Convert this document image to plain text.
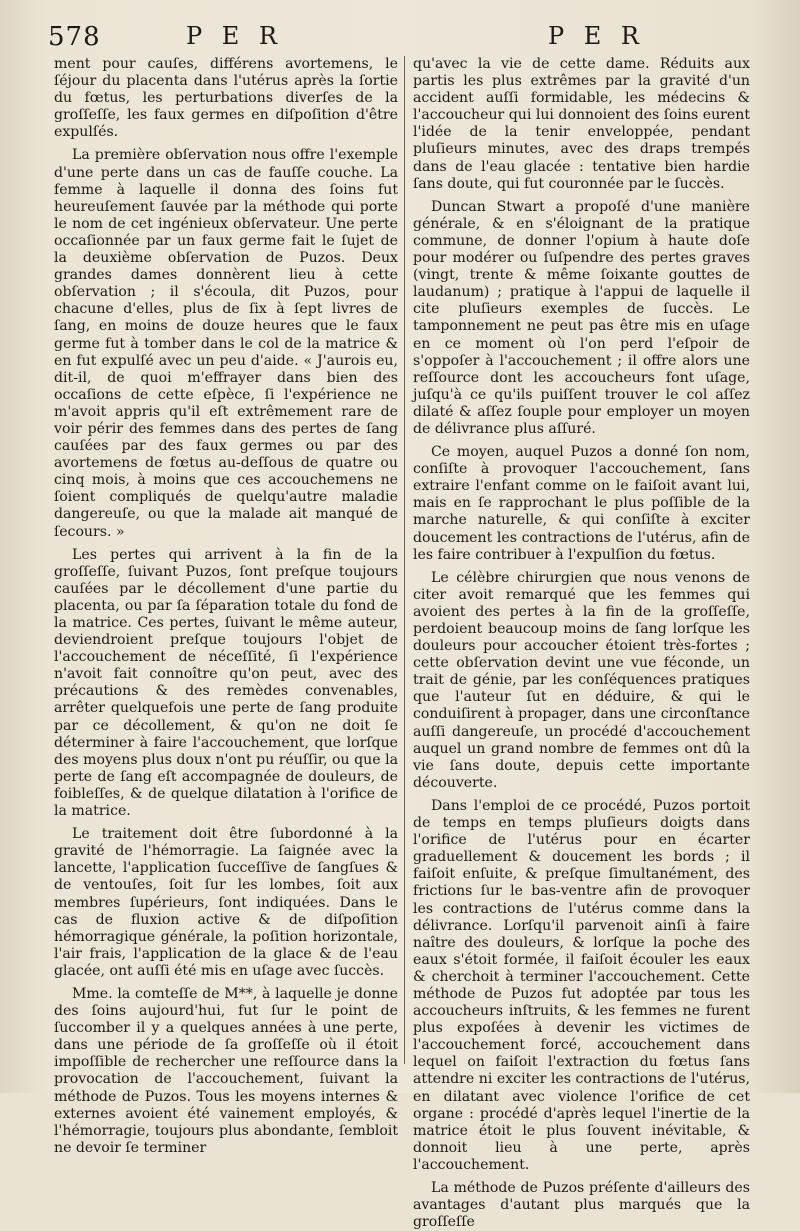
578	P E R	P E R

ment pour cauſes, différens avortemens, le ſéjour du placenta dans l'utérus après la ſortie du fœtus, les perturbations diverſes de la groſſeſſe, les faux germes en diſpoſition d'être expulſés.

La première obſervation nous offre l'exemple d'une perte dans un cas de fauſſe couche. La femme à laquelle il donna des ſoins fut heureuſement ſauvée par la méthode qui porte le nom de cet ingénieux obſervateur. Une perte occaſionnée par un faux germe fait le ſujet de la deuxième obſervation de Puzos. Deux grandes dames donnèrent lieu à cette obſervation ; il s'écoula, dit Puzos, pour chacune d'elles, plus de ſix à ſept livres de ſang, en moins de douze heures que le faux germe fut à tomber dans le col de la matrice & en fut expulſé avec un peu d'aide. « J'aurois eu, dit-il, de quoi m'effrayer dans bien des occaſions de cette eſpèce, ſi l'expérience ne m'avoit appris qu'il eſt extrêmement rare de voir périr des femmes dans des pertes de ſang cauſées par des faux germes ou par des avortemens de fœtus au-deſſous de quatre ou cinq mois, à moins que ces accouchemens ne ſoient compliqués de quelqu'autre maladie dangereuſe, ou que la malade ait manqué de ſecours. »

Les pertes qui arrivent à la fin de la groſſeſſe, ſuivant Puzos, ſont preſque toujours cauſées par le décollement d'une partie du placenta, ou par ſa ſéparation totale du fond de la matrice. Ces pertes, ſuivant le même auteur, deviendroient preſque toujours l'objet de l'accouchement de néceſſité, ſi l'expérience n'avoit fait connoître qu'on peut, avec des précautions & des remèdes convenables, arrêter quelquefois une perte de ſang produite par ce décollement, & qu'on ne doit ſe déterminer à faire l'accouchement, que lorſque des moyens plus doux n'ont pu réuſſir, ou que la perte de ſang eſt accompagnée de douleurs, de foibleſſes, & de quelque dilatation à l'orifice de la matrice.

Le traitement doit être ſubordonné à la gravité de l'hémorragie. La ſaignée avec la lancette, l'application ſucceſſive de ſangſues & de ventouſes, ſoit ſur les lombes, ſoit aux membres ſupérieurs, ſont indiquées. Dans le cas de fluxion active & de diſpoſition hémorragique générale, la poſition horizontale, l'air frais, l'application de la glace & de l'eau glacée, ont auſſi été mis en uſage avec ſuccès.

Mme. la comteſſe de M**, à laquelle je donne des ſoins aujourd'hui, fut ſur le point de ſuccomber il y a quelques années à une perte, dans une période de ſa groſſeſſe où il étoit impoſſible de rechercher une reſſource dans la provocation de l'accouchement, ſuivant la méthode de Puzos. Tous les moyens internes & externes avoient été vainement employés, & l'hémorragie, toujours plus abondante, ſembloit ne devoir ſe terminer

qu'avec la vie de cette dame. Réduits aux partis les plus extrêmes par la gravité d'un accident auſſi formidable, les médecins & l'accoucheur qui lui donnoient des ſoins eurent l'idée de la tenir enveloppée, pendant pluſieurs minutes, avec des draps trempés dans de l'eau glacée : tentative bien hardie ſans doute, qui fut couronnée par le ſuccès.

Duncan Stwart a propoſé d'une manière générale, & en s'éloignant de la pratique commune, de donner l'opium à haute doſe pour modérer ou ſuſpendre des pertes graves (vingt, trente & même ſoixante gouttes de laudanum) ; pratique à l'appui de laquelle il cite pluſieurs exemples de ſuccès. Le tamponnement ne peut pas être mis en uſage en ce moment où l'on perd l'eſpoir de s'oppoſer à l'accouchement ; il offre alors une reſſource dont les accoucheurs font uſage, juſqu'à ce qu'ils puiſſent trouver le col aſſez dilaté & aſſez ſouple pour employer un moyen de délivrance plus aſſuré.

Ce moyen, auquel Puzos a donné ſon nom, conſiſte à provoquer l'accouchement, ſans extraire l'enfant comme on le faiſoit avant lui, mais en ſe rapprochant le plus poſſible de la marche naturelle, & qui conſiſte à exciter doucement les contractions de l'utérus, afin de les faire contribuer à l'expulſion du fœtus.

Le célèbre chirurgien que nous venons de citer avoit remarqué que les femmes qui avoient des pertes à la fin de la groſſeſſe, perdoient beaucoup moins de ſang lorſque les douleurs pour accoucher étoient très-fortes ; cette obſervation devint une vue féconde, un trait de génie, par les conſéquences pratiques que l'auteur ſut en déduire, & qui le conduiſirent à propager, dans une circonſtance auſſi dangereuſe, un procédé d'accouchement auquel un grand nombre de femmes ont dû la vie ſans doute, depuis cette importante découverte.

Dans l'emploi de ce procédé, Puzos portoit de temps en temps pluſieurs doigts dans l'orifice de l'utérus pour en écarter graduellement & doucement les bords ; il faiſoit enſuite, & preſque ſimultanément, des frictions ſur le bas-ventre afin de provoquer les contractions de l'utérus comme dans la délivrance. Lorſqu'il parvenoit ainſi à faire naître des douleurs, & lorſque la poche des eaux s'étoit formée, il faiſoit écouler les eaux & cherchoit à terminer l'accouchement. Cette méthode de Puzos fut adoptée par tous les accoucheurs inſtruits, & les femmes ne furent plus expoſées à devenir les victimes de l'accouchement forcé, accouchement dans lequel on faiſoit l'extraction du fœtus ſans attendre ni exciter les contractions de l'utérus, en dilatant avec violence l'orifice de cet organe : procédé d'après lequel l'inertie de la matrice étoit le plus ſouvent inévitable, & donnoit lieu à une perte, après l'accouchement.

La méthode de Puzos préſente d'ailleurs des avantages d'autant plus marqués que la groſſeſſe
